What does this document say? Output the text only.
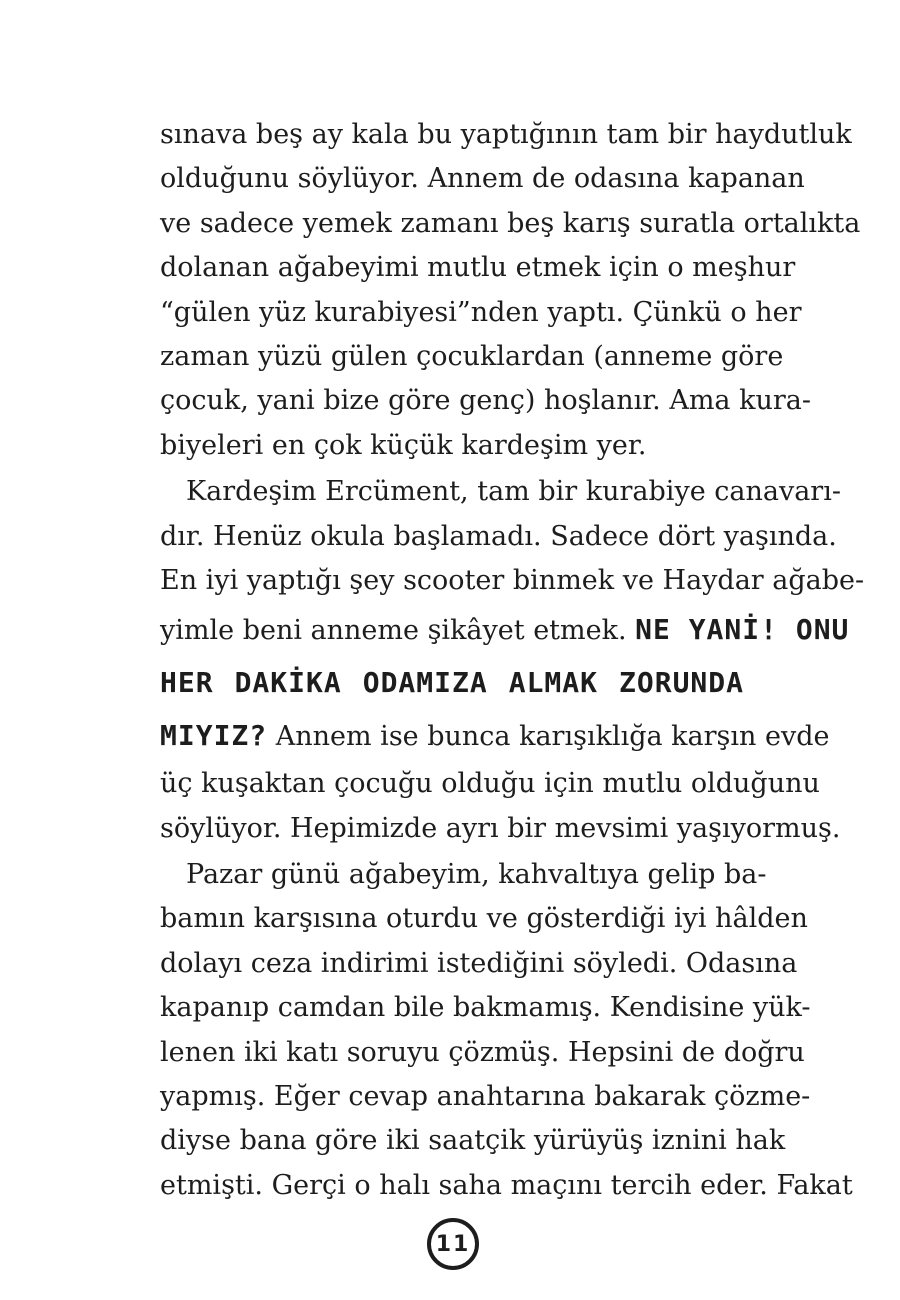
sınava beş ay kala bu yaptığının tam bir haydutluk
olduğunu söylüyor. Annem de odasına kapanan
ve sadece yemek zamanı beş karış suratla ortalıkta
dolanan ağabeyimi mutlu etmek için o meşhur
“gülen yüz kurabiyesi”nden yaptı. Çünkü o her
zaman yüzü gülen çocuklardan (anneme göre
çocuk, yani bize göre genç) hoşlanır. Ama kura-
biyeleri en çok küçük kardeşim yer.
Kardeşim Ercüment, tam bir kurabiye canavarı-
dır. Henüz okula başlamadı. Sadece dört yaşında.
En iyi yaptığı şey scooter binmek ve Haydar ağabe-
yimle beni anneme şikâyet etmek. NE YANİ! ONU
HER DAKİKA ODAMIZA ALMAK ZORUNDA
MIYIZ? Annem ise bunca karışıklığa karşın evde
üç kuşaktan çocuğu olduğu için mutlu olduğunu
söylüyor. Hepimizde ayrı bir mevsimi yaşıyormuş.
Pazar günü ağabeyim, kahvaltıya gelip ba-
bamın karşısına oturdu ve gösterdiği iyi hâlden
dolayı ceza indirimi istediğini söyledi. Odasına
kapanıp camdan bile bakmamış. Kendisine yük-
lenen iki katı soruyu çözmüş. Hepsini de doğru
yapmış. Eğer cevap anahtarına bakarak çözme-
diyse bana göre iki saatçik yürüyüş iznini hak
etmişti. Gerçi o halı saha maçını tercih eder. Fakat
11
